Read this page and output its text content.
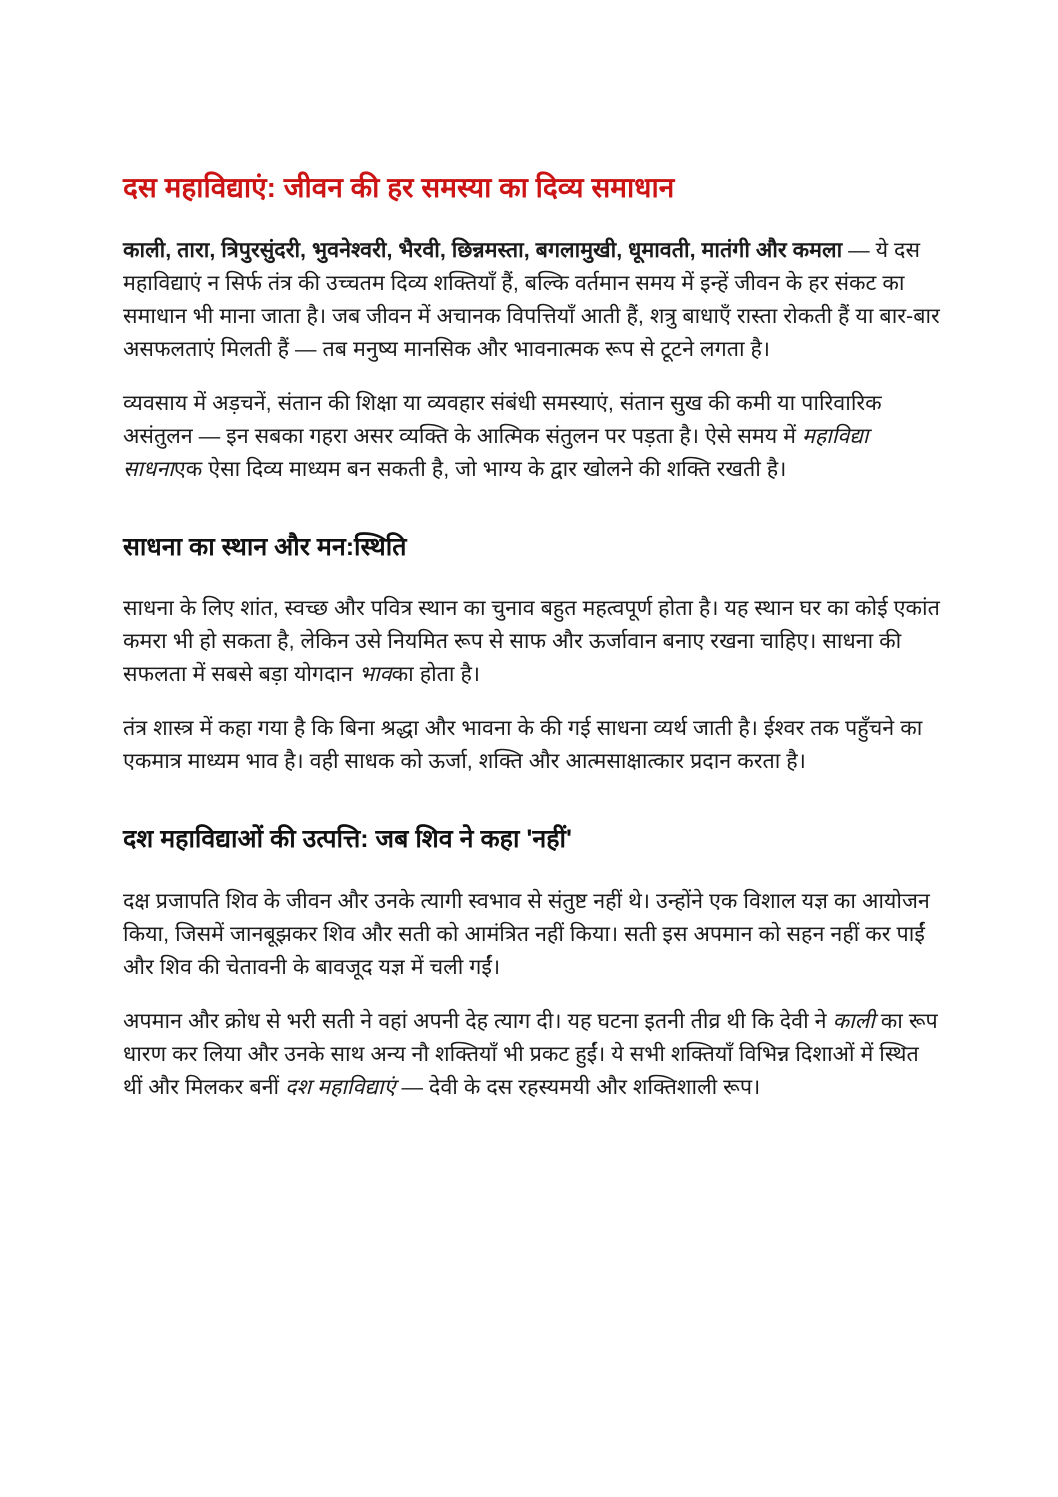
दस महाविद्याएं: जीवन की हर समस्या का दिव्य समाधान

काली, तारा, त्रिपुरसुंदरी, भुवनेश्वरी, भैरवी, छिन्नमस्ता, बगलामुखी, धूमावती, मातंगी और कमला — ये दस महाविद्याएं न सिर्फ तंत्र की उच्चतम दिव्य शक्तियाँ हैं, बल्कि वर्तमान समय में इन्हें जीवन के हर संकट का समाधान भी माना जाता है। जब जीवन में अचानक विपत्तियाँ आती हैं, शत्रु बाधाएँ रास्ता रोकती हैं या बार-बार असफलताएं मिलती हैं — तब मनुष्य मानसिक और भावनात्मक रूप से टूटने लगता है।

व्यवसाय में अड़चनें, संतान की शिक्षा या व्यवहार संबंधी समस्याएं, संतान सुख की कमी या पारिवारिक असंतुलन — इन सबका गहरा असर व्यक्ति के आत्मिक संतुलन पर पड़ता है। ऐसे समय में महाविद्या साधनाएक ऐसा दिव्य माध्यम बन सकती है, जो भाग्य के द्वार खोलने की शक्ति रखती है।

साधना का स्थान और मन:स्थिति

साधना के लिए शांत, स्वच्छ और पवित्र स्थान का चुनाव बहुत महत्वपूर्ण होता है। यह स्थान घर का कोई एकांत कमरा भी हो सकता है, लेकिन उसे नियमित रूप से साफ और ऊर्जावान बनाए रखना चाहिए। साधना की सफलता में सबसे बड़ा योगदान भावका होता है।

तंत्र शास्त्र में कहा गया है कि बिना श्रद्धा और भावना के की गई साधना व्यर्थ जाती है। ईश्वर तक पहुँचने का एकमात्र माध्यम भाव है। वही साधक को ऊर्जा, शक्ति और आत्मसाक्षात्कार प्रदान करता है।

दश महाविद्याओं की उत्पत्ति: जब शिव ने कहा 'नहीं'

दक्ष प्रजापति शिव के जीवन और उनके त्यागी स्वभाव से संतुष्ट नहीं थे। उन्होंने एक विशाल यज्ञ का आयोजन किया, जिसमें जानबूझकर शिव और सती को आमंत्रित नहीं किया। सती इस अपमान को सहन नहीं कर पाईं और शिव की चेतावनी के बावजूद यज्ञ में चली गईं।

अपमान और क्रोध से भरी सती ने वहां अपनी देह त्याग दी। यह घटना इतनी तीव्र थी कि देवी ने काली का रूप धारण कर लिया और उनके साथ अन्य नौ शक्तियाँ भी प्रकट हुईं। ये सभी शक्तियाँ विभिन्न दिशाओं में स्थित थीं और मिलकर बनीं दश महाविद्याएं — देवी के दस रहस्यमयी और शक्तिशाली रूप।
